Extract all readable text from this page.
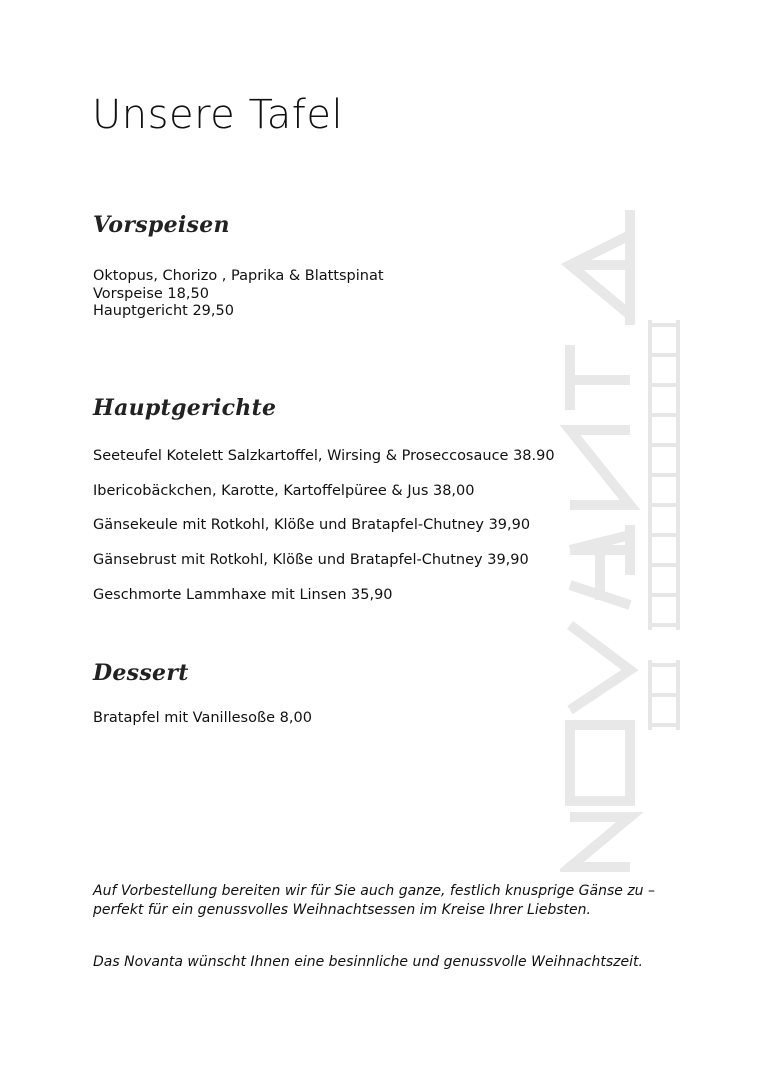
Unsere Tafel
Vorspeisen

Oktopus, Chorizo , Paprika & Blattspinat

Vorspeise 18,50

Hauptgericht 29,50

Hauptgerichte

Seeteufel Kotelett Salzkartoffel, Wirsing & Proseccosauce 38.90

Ibericobäckchen, Karotte, Kartoffelpüree & Jus 38,00

Gänsekeule mit Rotkohl, Klöße und Bratapfel-Chutney 39,90

Gänsebrust mit Rotkohl, Klöße und Bratapfel-Chutney 39,90

Geschmorte Lammhaxe mit Linsen 35,90

Dessert

Bratapfel mit Vanillesoße 8,00

Auf Vorbestellung bereiten wir für Sie auch ganze, festlich knusprige Gänse zu –

perfekt für ein genussvolles Weihnachtsessen im Kreise Ihrer Liebsten.

Das Novanta wünscht Ihnen eine besinnliche und genussvolle Weihnachtszeit.
